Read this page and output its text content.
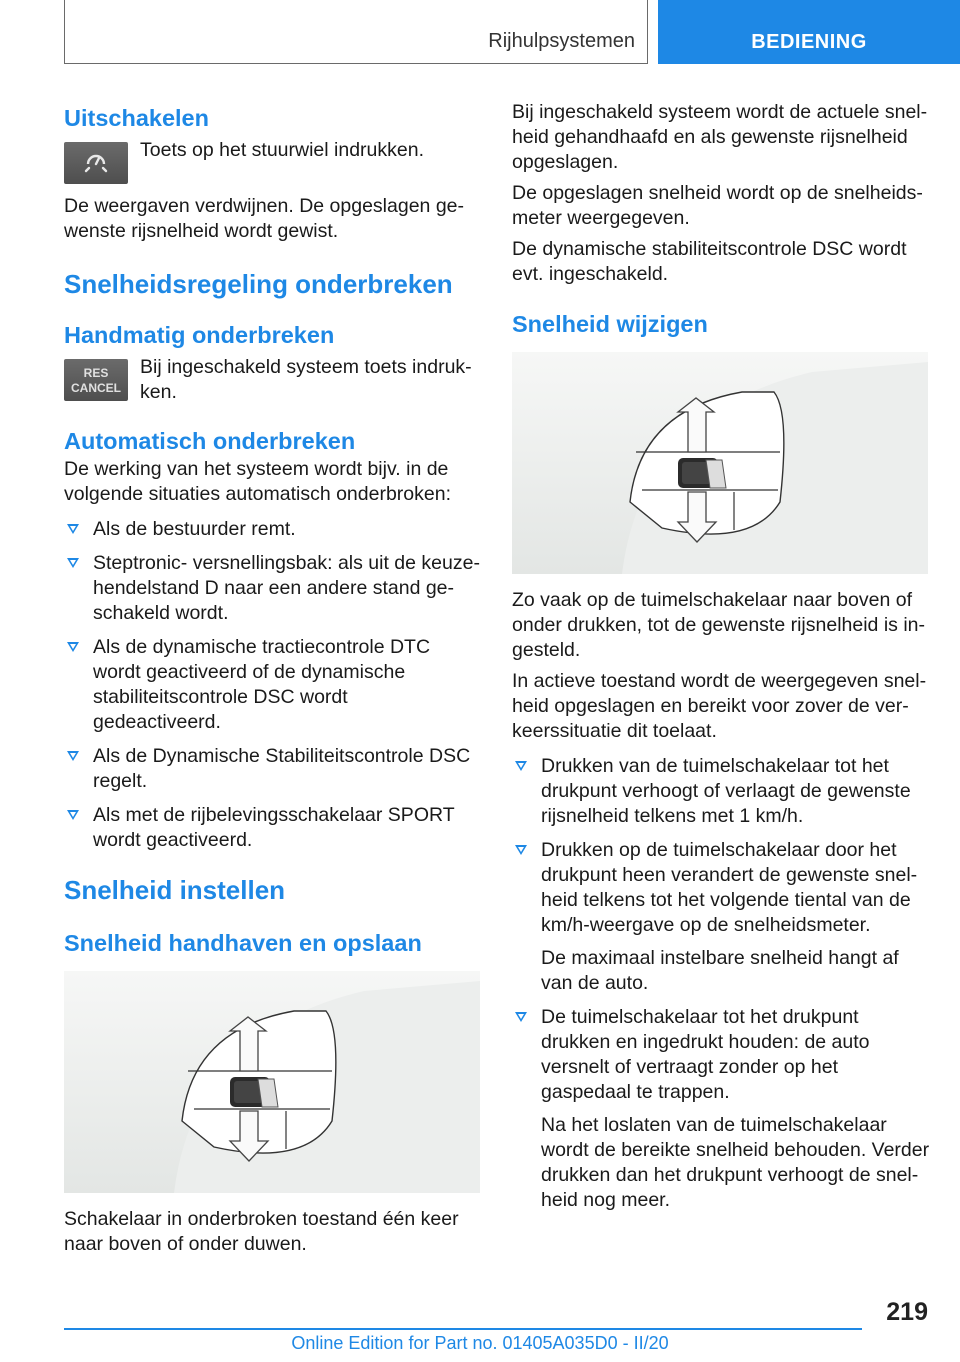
Rijhulpsystemen	BEDIENING
Uitschakelen

Toets op het stuurwiel indrukken.

De weergaven verdwijnen. De opgeslagen gewenste rijsnelheid wordt gewist.

Snelheidsregeling onderbreken
Handmatig onderbreken
RES
CANCEL

Bij ingeschakeld systeem toets indrukken.

Automatisch onderbreken

De werking van het systeem wordt bijv. in de volgende situaties automatisch onderbroken:

Als de bestuurder remt.
Steptronic- versnellingsbak: als uit de keuzehendelstand D naar een andere stand geschakeld wordt.
Als de dynamische tractiecontrole DTC wordt geactiveerd of de dynamische stabiliteitscontrole DSC wordt gedeactiveerd.
Als de Dynamische Stabiliteitscontrole DSC regelt.
Als met de rijbelevingsschakelaar SPORT wordt geactiveerd.
Snelheid instellen
Snelheid handhaven en opslaan

Schakelaar in onderbroken toestand één keer naar boven of onder duwen.

Bij ingeschakeld systeem wordt de actuele snelheid gehandhaafd en als gewenste rijsnelheid opgeslagen.

De opgeslagen snelheid wordt op de snelheidsmeter weergegeven.

De dynamische stabiliteitscontrole DSC wordt evt. ingeschakeld.

Snelheid wijzigen

Zo vaak op de tuimelschakelaar naar boven of onder drukken, tot de gewenste rijsnelheid is ingesteld.

In actieve toestand wordt de weergegeven snelheid opgeslagen en bereikt voor zover de verkeerssituatie dit toelaat.

Drukken van de tuimelschakelaar tot het drukpunt verhoogt of verlaagt de gewenste rijsnelheid telkens met 1 km/h.
Drukken op de tuimelschakelaar door het drukpunt heen verandert de gewenste snelheid telkens tot het volgende tiental van de km/h-weergave op de snelheidsmeter.

De maximaal instelbare snelheid hangt af van de auto.

De tuimelschakelaar tot het drukpunt drukken en ingedrukt houden: de auto versnelt of vertraagt zonder op het gaspedaal te trappen.

Na het loslaten van de tuimelschakelaar wordt de bereikte snelheid behouden. Verder drukken dan het drukpunt verhoogt de snelheid nog meer.

219
Online Edition for Part no. 01405A035D0 - II/20
